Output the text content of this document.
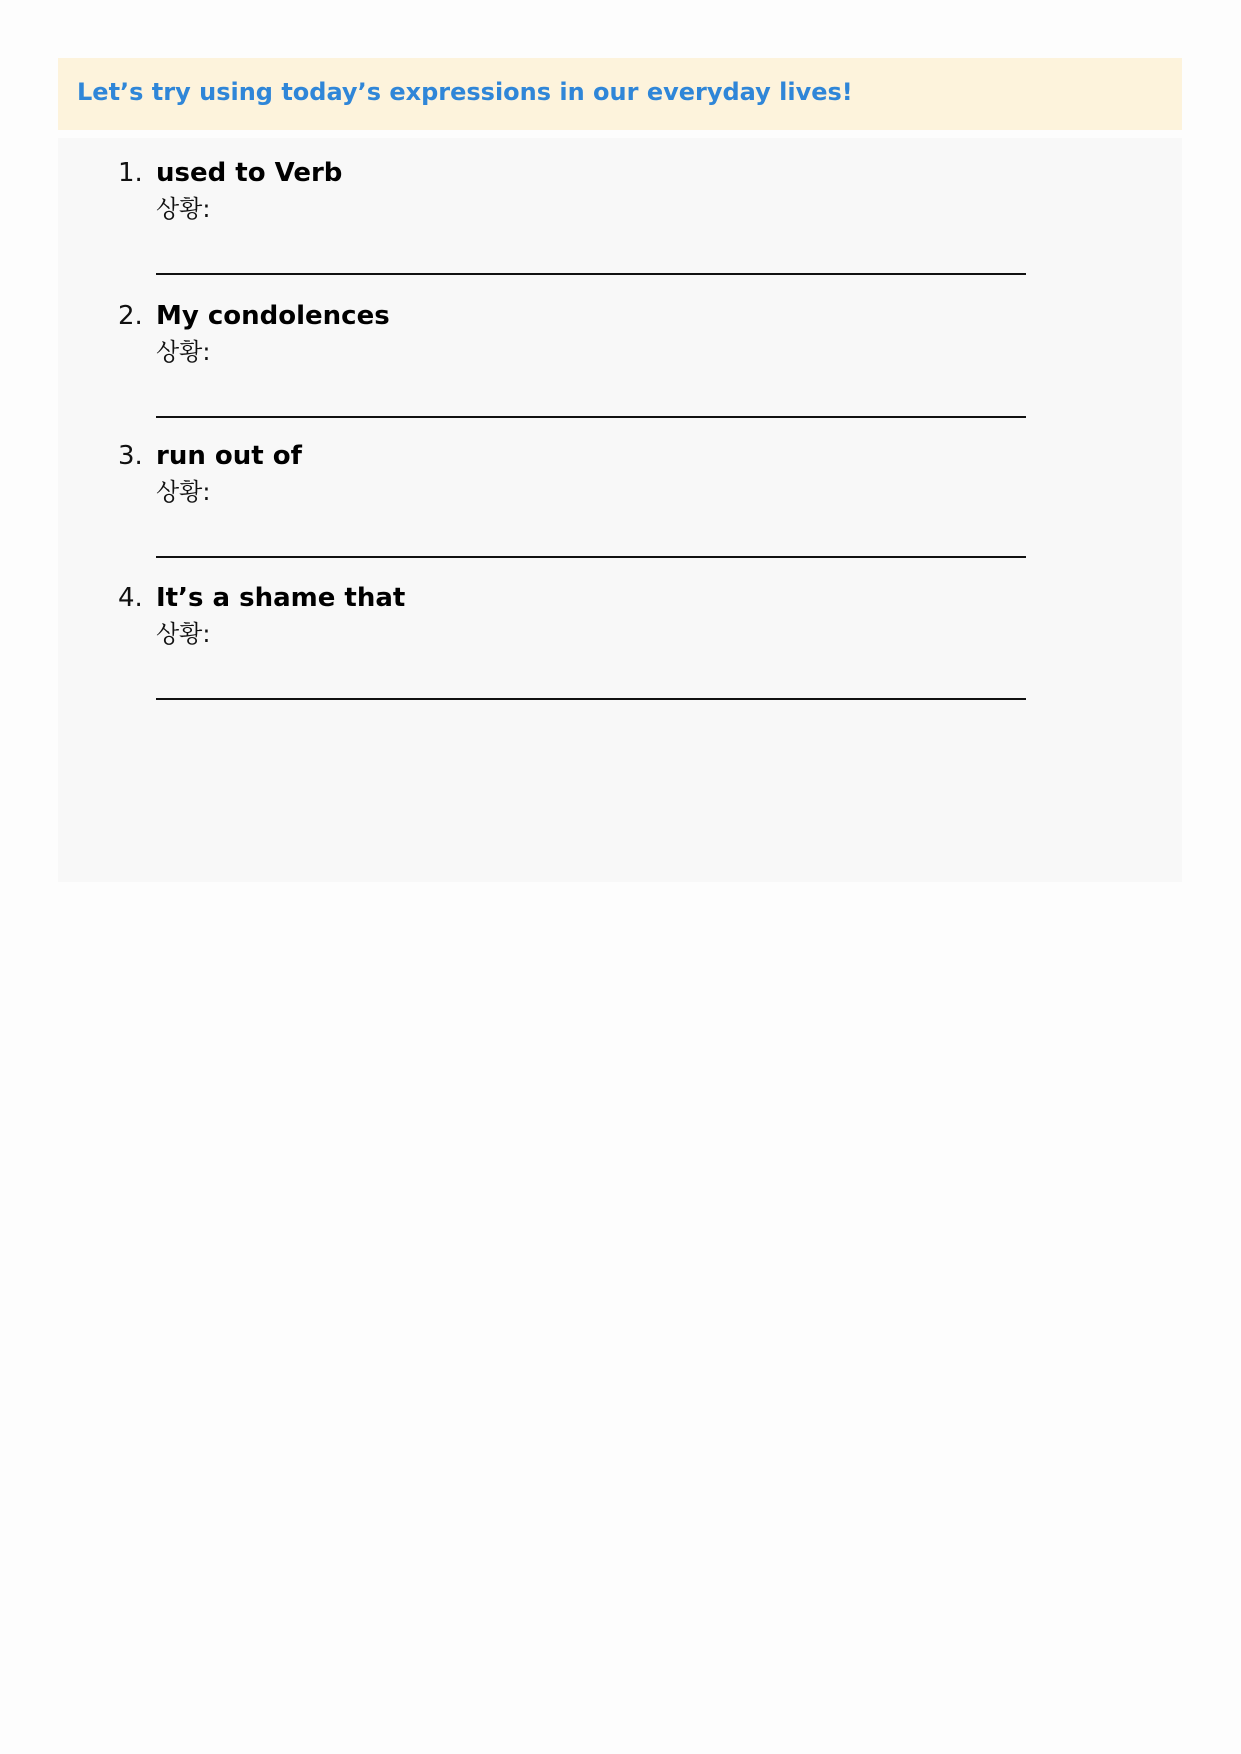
Let’s try using today’s expressions in our everyday lives!
1. used to Verb
상황:
2. My condolences
상황:
3. run out of
상황:
4. It’s a shame that
상황:
